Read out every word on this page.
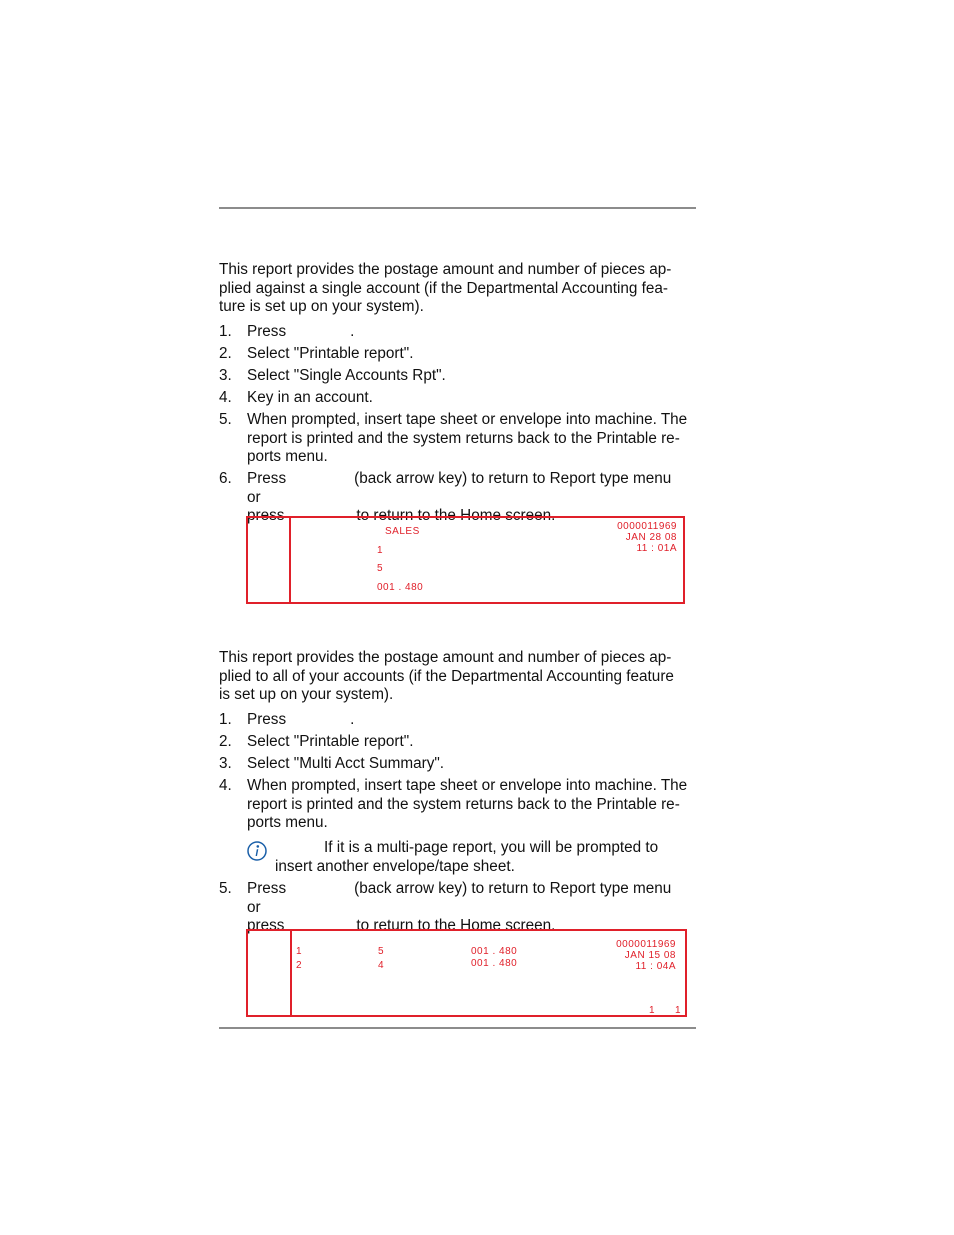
This report provides the postage amount and number of pieces applied against a single account (if the Departmental Accounting feature is set up on your system).

1. Press	.
2. Select "Printable report".
3. Select "Single Accounts Rpt".
4. Key in an account.
5. When prompted, insert tape sheet or envelope into machine. The report is printed and the system returns back to the Printable reports menu.
6. Press	(back arrow key) to return to Report type menu or
press	to return to the Home screen.
SALES
1
5
001 . 480
0000011969
JAN 28 08
11 : 01A

This report provides the postage amount and number of pieces applied to all of your accounts (if the Departmental Accounting feature is set up on your system).

1. Press	.
2. Select "Printable report".
3. Select "Multi Acct Summary".
4. When prompted, insert tape sheet or envelope into machine. The report is printed and the system returns back to the Printable reports menu.
If it is a multi-page report, you will be prompted to insert another envelope/tape sheet.
5. Press	(back arrow key) to return to Report type menu or
press	to return to the Home screen.
1	5	001 . 480
2	4	001 . 480
0000011969
JAN 15 08
11 : 04A
1 1
